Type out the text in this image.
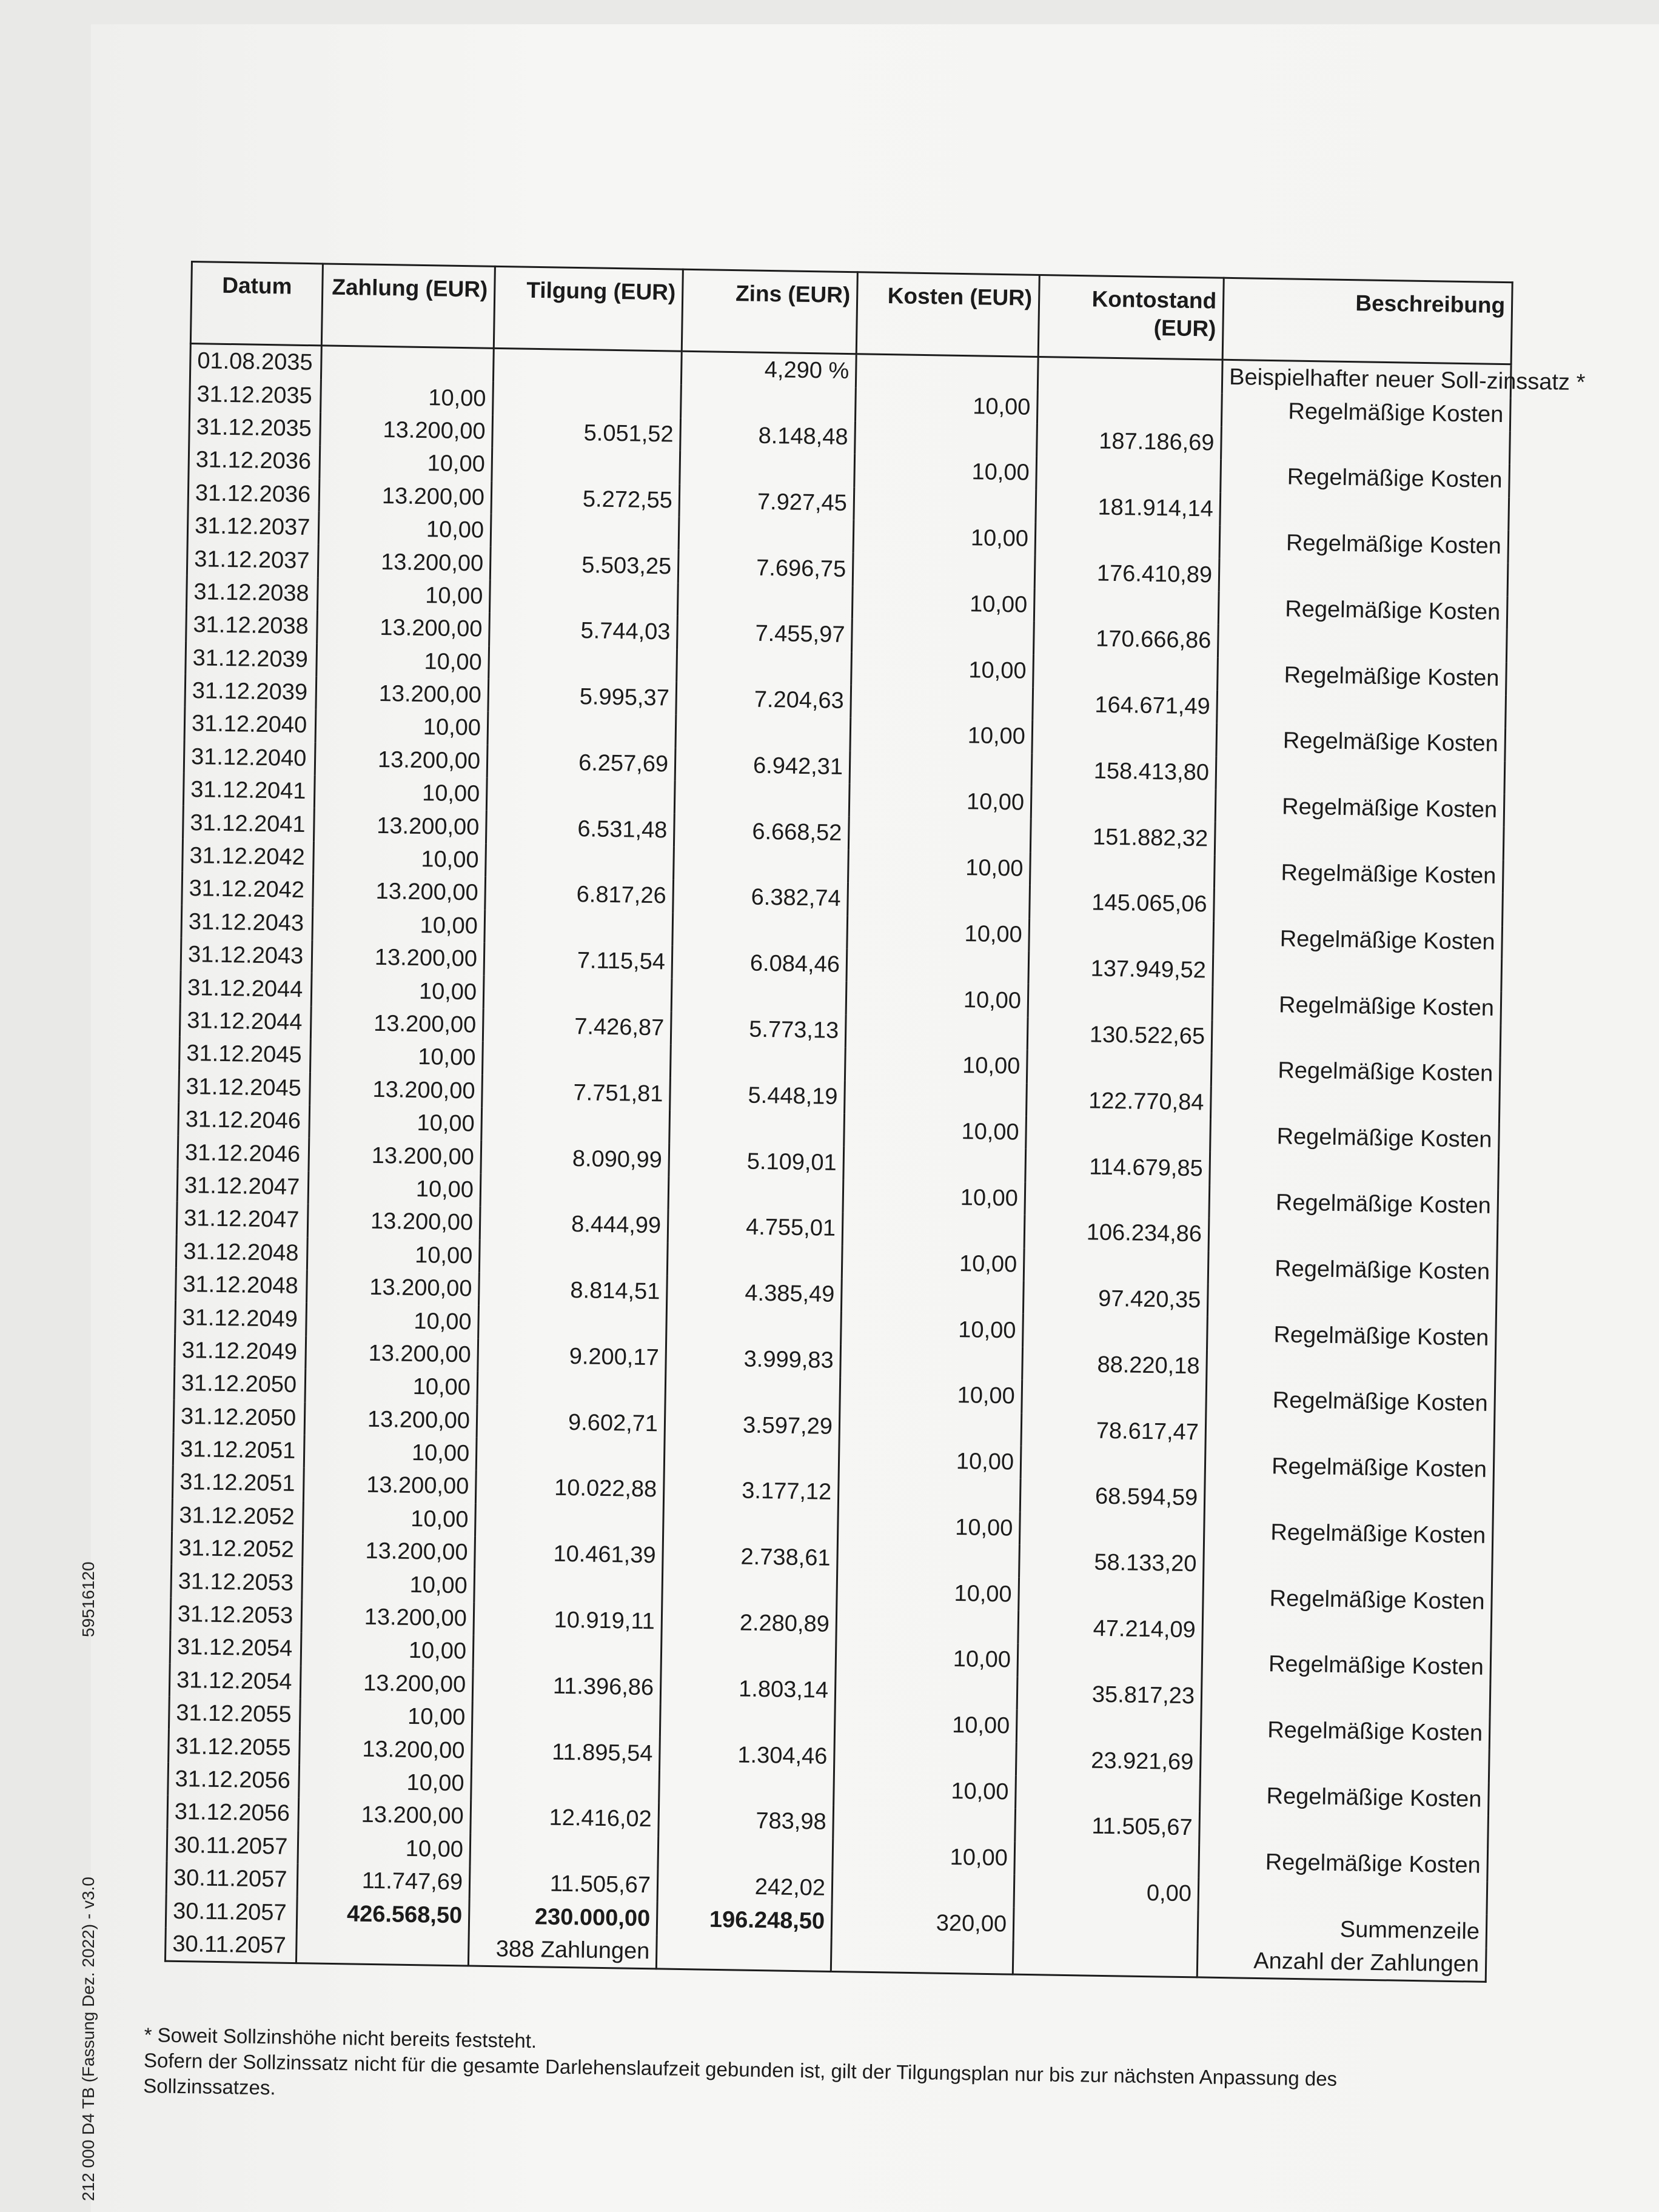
59516120
212 000 D4 TB (Fassung Dez. 2022) - v3.0
Datum	Zahlung (EUR)	Tilgung (EUR)	Zins (EUR)	Kosten (EUR)	Kontostand (EUR)	Beschreibung
01.08.2035			4,290 %			Beispielhafter neuer Soll-zinssatz *
31.12.2035	10,00			10,00		Regelmäßige Kosten
31.12.2035	13.200,00	5.051,52	8.148,48		187.186,69	
31.12.2036	10,00			10,00		Regelmäßige Kosten
31.12.2036	13.200,00	5.272,55	7.927,45		181.914,14	
31.12.2037	10,00			10,00		Regelmäßige Kosten
31.12.2037	13.200,00	5.503,25	7.696,75		176.410,89	
31.12.2038	10,00			10,00		Regelmäßige Kosten
31.12.2038	13.200,00	5.744,03	7.455,97		170.666,86	
31.12.2039	10,00			10,00		Regelmäßige Kosten
31.12.2039	13.200,00	5.995,37	7.204,63		164.671,49	
31.12.2040	10,00			10,00		Regelmäßige Kosten
31.12.2040	13.200,00	6.257,69	6.942,31		158.413,80	
31.12.2041	10,00			10,00		Regelmäßige Kosten
31.12.2041	13.200,00	6.531,48	6.668,52		151.882,32	
31.12.2042	10,00			10,00		Regelmäßige Kosten
31.12.2042	13.200,00	6.817,26	6.382,74		145.065,06	
31.12.2043	10,00			10,00		Regelmäßige Kosten
31.12.2043	13.200,00	7.115,54	6.084,46		137.949,52	
31.12.2044	10,00			10,00		Regelmäßige Kosten
31.12.2044	13.200,00	7.426,87	5.773,13		130.522,65	
31.12.2045	10,00			10,00		Regelmäßige Kosten
31.12.2045	13.200,00	7.751,81	5.448,19		122.770,84	
31.12.2046	10,00			10,00		Regelmäßige Kosten
31.12.2046	13.200,00	8.090,99	5.109,01		114.679,85	
31.12.2047	10,00			10,00		Regelmäßige Kosten
31.12.2047	13.200,00	8.444,99	4.755,01		106.234,86	
31.12.2048	10,00			10,00		Regelmäßige Kosten
31.12.2048	13.200,00	8.814,51	4.385,49		97.420,35	
31.12.2049	10,00			10,00		Regelmäßige Kosten
31.12.2049	13.200,00	9.200,17	3.999,83		88.220,18	
31.12.2050	10,00			10,00		Regelmäßige Kosten
31.12.2050	13.200,00	9.602,71	3.597,29		78.617,47	
31.12.2051	10,00			10,00		Regelmäßige Kosten
31.12.2051	13.200,00	10.022,88	3.177,12		68.594,59	
31.12.2052	10,00			10,00		Regelmäßige Kosten
31.12.2052	13.200,00	10.461,39	2.738,61		58.133,20	
31.12.2053	10,00			10,00		Regelmäßige Kosten
31.12.2053	13.200,00	10.919,11	2.280,89		47.214,09	
31.12.2054	10,00			10,00		Regelmäßige Kosten
31.12.2054	13.200,00	11.396,86	1.803,14		35.817,23	
31.12.2055	10,00			10,00		Regelmäßige Kosten
31.12.2055	13.200,00	11.895,54	1.304,46		23.921,69	
31.12.2056	10,00			10,00		Regelmäßige Kosten
31.12.2056	13.200,00	12.416,02	783,98		11.505,67	
30.11.2057	10,00			10,00		Regelmäßige Kosten
30.11.2057	11.747,69	11.505,67	242,02		0,00	
30.11.2057	426.568,50	230.000,00	196.248,50	320,00		Summenzeile
30.11.2057		388 Zahlungen				Anzahl der Zahlungen
* Soweit Sollzinshöhe nicht bereits feststeht.
Sofern der Sollzinssatz nicht für die gesamte Darlehenslaufzeit gebunden ist, gilt der Tilgungsplan nur bis zur nächsten Anpassung des Sollzinssatzes.
